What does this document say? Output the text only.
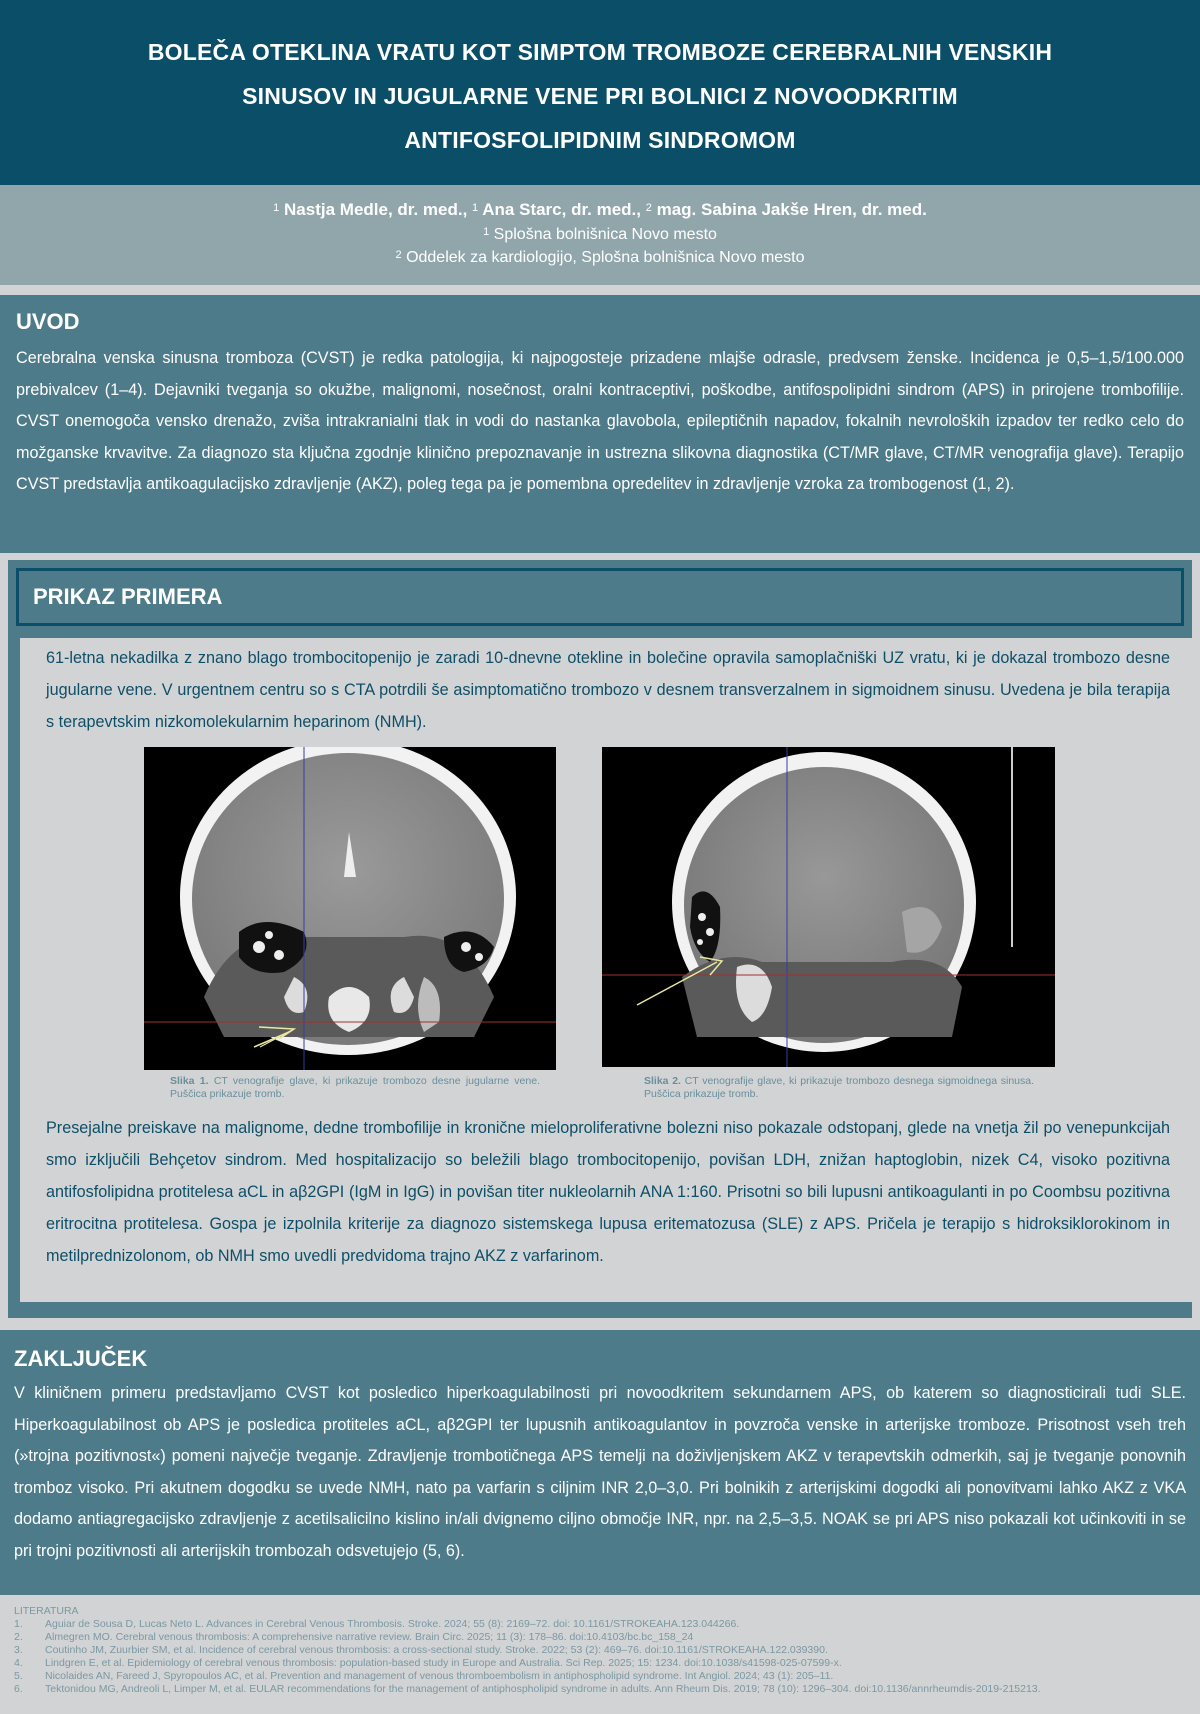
BOLEČA OTEKLINA VRATU KOT SIMPTOM TROMBOZE CEREBRALNIH VENSKIH
SINUSOV IN JUGULARNE VENE PRI BOLNICI Z NOVOODKRITIM
ANTIFOSFOLIPIDNIM SINDROMOM
$^1$ Nastja Medle, dr. med., $^1$ Ana Starc, dr. med., $^2$ mag. Sabina Jakše Hren, dr. med.
$^1$ Splošna bolnišnica Novo mesto
$^2$ Oddelek za kardiologijo, Splošna bolnišnica Novo mesto
UVOD

Cerebralna venska sinusna tromboza (CVST) je redka patologija, ki najpogosteje prizadene mlajše odrasle, predvsem ženske. Incidenca je 0,5–1,5/100.000 prebivalcev (1–4). Dejavniki tveganja so okužbe, malignomi, nosečnost, oralni kontraceptivi, poškodbe, antifospolipidni sindrom (APS) in prirojene trombofilije. CVST onemogoča vensko drenažo, zviša intrakranialni tlak in vodi do nastanka glavobola, epileptičnih napadov, fokalnih nevroloških izpadov ter redko celo do možganske krvavitve. Za diagnozo sta ključna zgodnje klinično prepoznavanje in ustrezna slikovna diagnostika (CT/MR glave, CT/MR venografija glave). Terapijo CVST predstavlja antikoagulacijsko zdravljenje (AKZ), poleg tega pa je pomembna opredelitev in zdravljenje vzroka za trombogenost (1, 2).

PRIKAZ PRIMERA

61-letna nekadilka z znano blago trombocitopenijo je zaradi 10-dnevne otekline in bolečine opravila samoplačniški UZ vratu, ki je dokazal trombozo desne jugularne vene. V urgentnem centru so s CTA potrdili še asimptomatično trombozo v desnem transverzalnem in sigmoidnem sinusu. Uvedena je bila terapija s terapevtskim nizkomolekularnim heparinom (NMH).

Slika 1. CT venografije glave, ki prikazuje trombozo desne jugularne vene. Puščica prikazuje tromb.
Slika 2. CT venografije glave, ki prikazuje trombozo desnega sigmoidnega sinusa. Puščica prikazuje tromb.

Presejalne preiskave na malignome, dedne trombofilije in kronične mieloproliferativne bolezni niso pokazale odstopanj, glede na vnetja žil po venepunkcijah smo izključili Behçetov sindrom. Med hospitalizacijo so beležili blago trombocitopenijo, povišan LDH, znižan haptoglobin, nizek C4, visoko pozitivna antifosfolipidna protitelesa aCL in aβ2GPI (IgM in IgG) in povišan titer nukleolarnih ANA 1:160. Prisotni so bili lupusni antikoagulanti in po Coombsu pozitivna eritrocitna protitelesa. Gospa je izpolnila kriterije za diagnozo sistemskega lupusa eritematozusa (SLE) z APS. Pričela je terapijo s hidroksiklorokinom in metilprednizolonom, ob NMH smo uvedli predvidoma trajno AKZ z varfarinom.

ZAKLJUČEK

V kliničnem primeru predstavljamo CVST kot posledico hiperkoagulabilnosti pri novoodkritem sekundarnem APS, ob katerem so diagnosticirali tudi SLE. Hiperkoagulabilnost ob APS je posledica protiteles aCL, aβ2GPI ter lupusnih antikoagulantov in povzroča venske in arterijske tromboze. Prisotnost vseh treh (»trojna pozitivnost«) pomeni največje tveganje. Zdravljenje trombotičnega APS temelji na doživljenjskem AKZ v terapevtskih odmerkih, saj je tveganje ponovnih tromboz visoko. Pri akutnem dogodku se uvede NMH, nato pa varfarin s ciljnim INR 2,0–3,0. Pri bolnikih z arterijskimi dogodki ali ponovitvami lahko AKZ z VKA dodamo antiagregacijsko zdravljenje z acetilsalicilno kislino in/ali dvignemo ciljno območje INR, npr. na 2,5–3,5. NOAK se pri APS niso pokazali kot učinkoviti in se pri trojni pozitivnosti ali arterijskih trombozah odsvetujejo (5, 6).

LITERATURA
1. Aguiar de Sousa D, Lucas Neto L. Advances in Cerebral Venous Thrombosis. Stroke. 2024; 55 (8): 2169–72. doi: 10.1161/STROKEAHA.123.044266.
2. Almegren MO. Cerebral venous thrombosis: A comprehensive narrative review. Brain Circ. 2025; 11 (3): 178–86. doi:10.4103/bc.bc_158_24
3. Coutinho JM, Zuurbier SM, et al. Incidence of cerebral venous thrombosis: a cross-sectional study. Stroke. 2022; 53 (2): 469–76. doi:10.1161/STROKEAHA.122.039390.
4. Lindgren E, et al. Epidemiology of cerebral venous thrombosis: population-based study in Europe and Australia. Sci Rep. 2025; 15: 1234. doi:10.1038/s41598-025-07599-x.
5. Nicolaides AN, Fareed J, Spyropoulos AC, et al. Prevention and management of venous thromboembolism in antiphospholipid syndrome. Int Angiol. 2024; 43 (1): 205–11.
6. Tektonidou MG, Andreoli L, Limper M, et al. EULAR recommendations for the management of antiphospholipid syndrome in adults. Ann Rheum Dis. 2019; 78 (10): 1296–304. doi:10.1136/annrheumdis-2019-215213.
